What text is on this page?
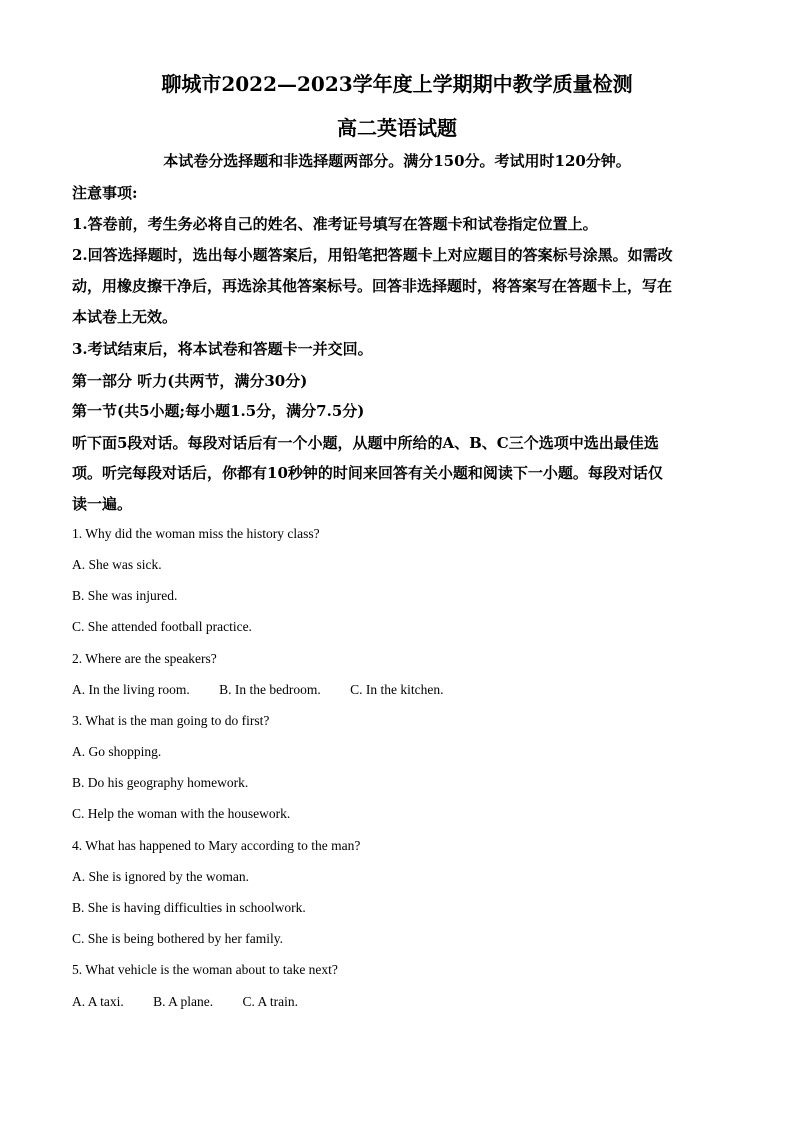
聊城市2022—2023学年度上学期期中教学质量检测
高二英语试题
本试卷分选择题和非选择题两部分。满分150分。考试用时120分钟。
注意事项:
1.答卷前，考生务必将自己的姓名、准考证号填写在答题卡和试卷指定位置上。
2.回答选择题时，选出每小题答案后，用铅笔把答题卡上对应题目的答案标号涂黑。如需改
动，用橡皮擦干净后，再选涂其他答案标号。回答非选择题时，将答案写在答题卡上，写在
本试卷上无效。
3.考试结束后，将本试卷和答题卡一并交回。
第一部分 听力(共两节，满分30分)
第一节(共5小题;每小题1.5分，满分7.5分)
听下面5段对话。每段对话后有一个小题，从题中所给的A、B、C三个选项中选出最佳选
项。听完每段对话后，你都有10秒钟的时间来回答有关小题和阅读下一小题。每段对话仅
读一遍。
1. Why did the woman miss the history class?
A. She was sick.
B. She was injured.
C. She attended football practice.
2. Where are the speakers?
A. In the living room. B. In the bedroom. C. In the kitchen.
3. What is the man going to do first?
A. Go shopping.
B. Do his geography homework.
C. Help the woman with the housework.
4. What has happened to Mary according to the man?
A. She is ignored by the woman.
B. She is having difficulties in schoolwork.
C. She is being bothered by her family.
5. What vehicle is the woman about to take next?
A. A taxi. B. A plane. C. A train.
